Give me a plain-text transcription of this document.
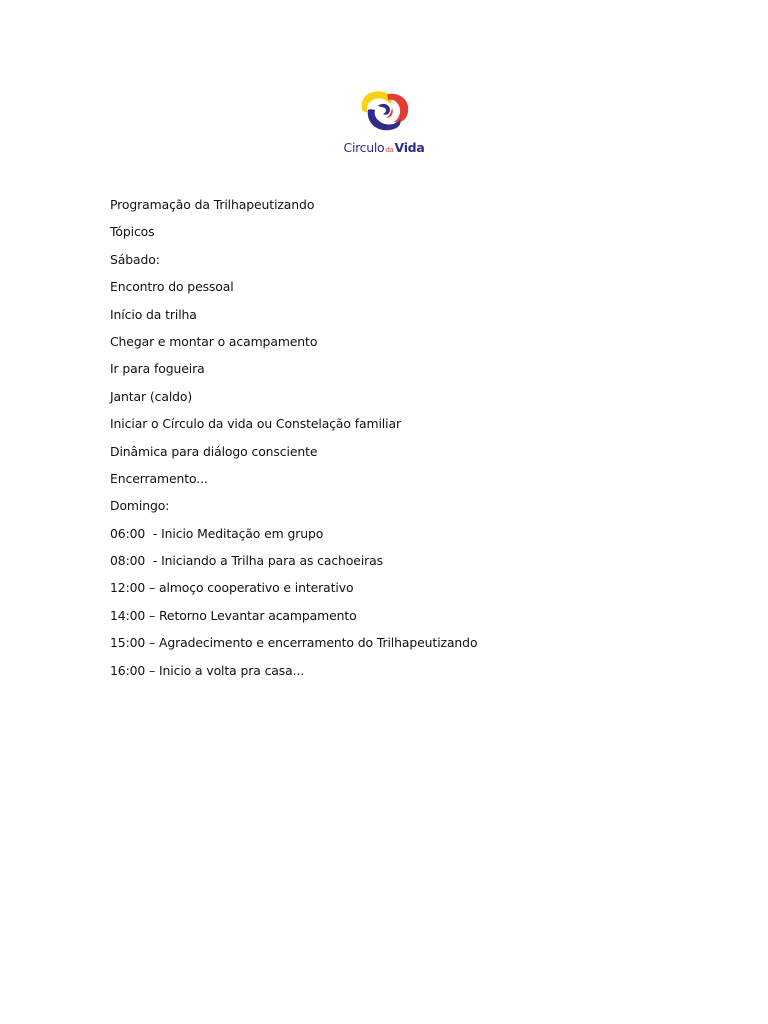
CirculodaVida
Programação da Trilhapeutizando
Tópicos
Sábado:
Encontro do pessoal
Início da trilha
Chegar e montar o acampamento
Ir para fogueira
Jantar (caldo)
Iniciar o Círculo da vida ou Constelação familiar
Dinâmica para diálogo consciente
Encerramento...
Domingo:
06:00  - Inicio Meditação em grupo
08:00  - Iniciando a Trilha para as cachoeiras
12:00 – almoço cooperativo e interativo
14:00 – Retorno Levantar acampamento
15:00 – Agradecimento e encerramento do Trilhapeutizando
16:00 – Inicio a volta pra casa...
